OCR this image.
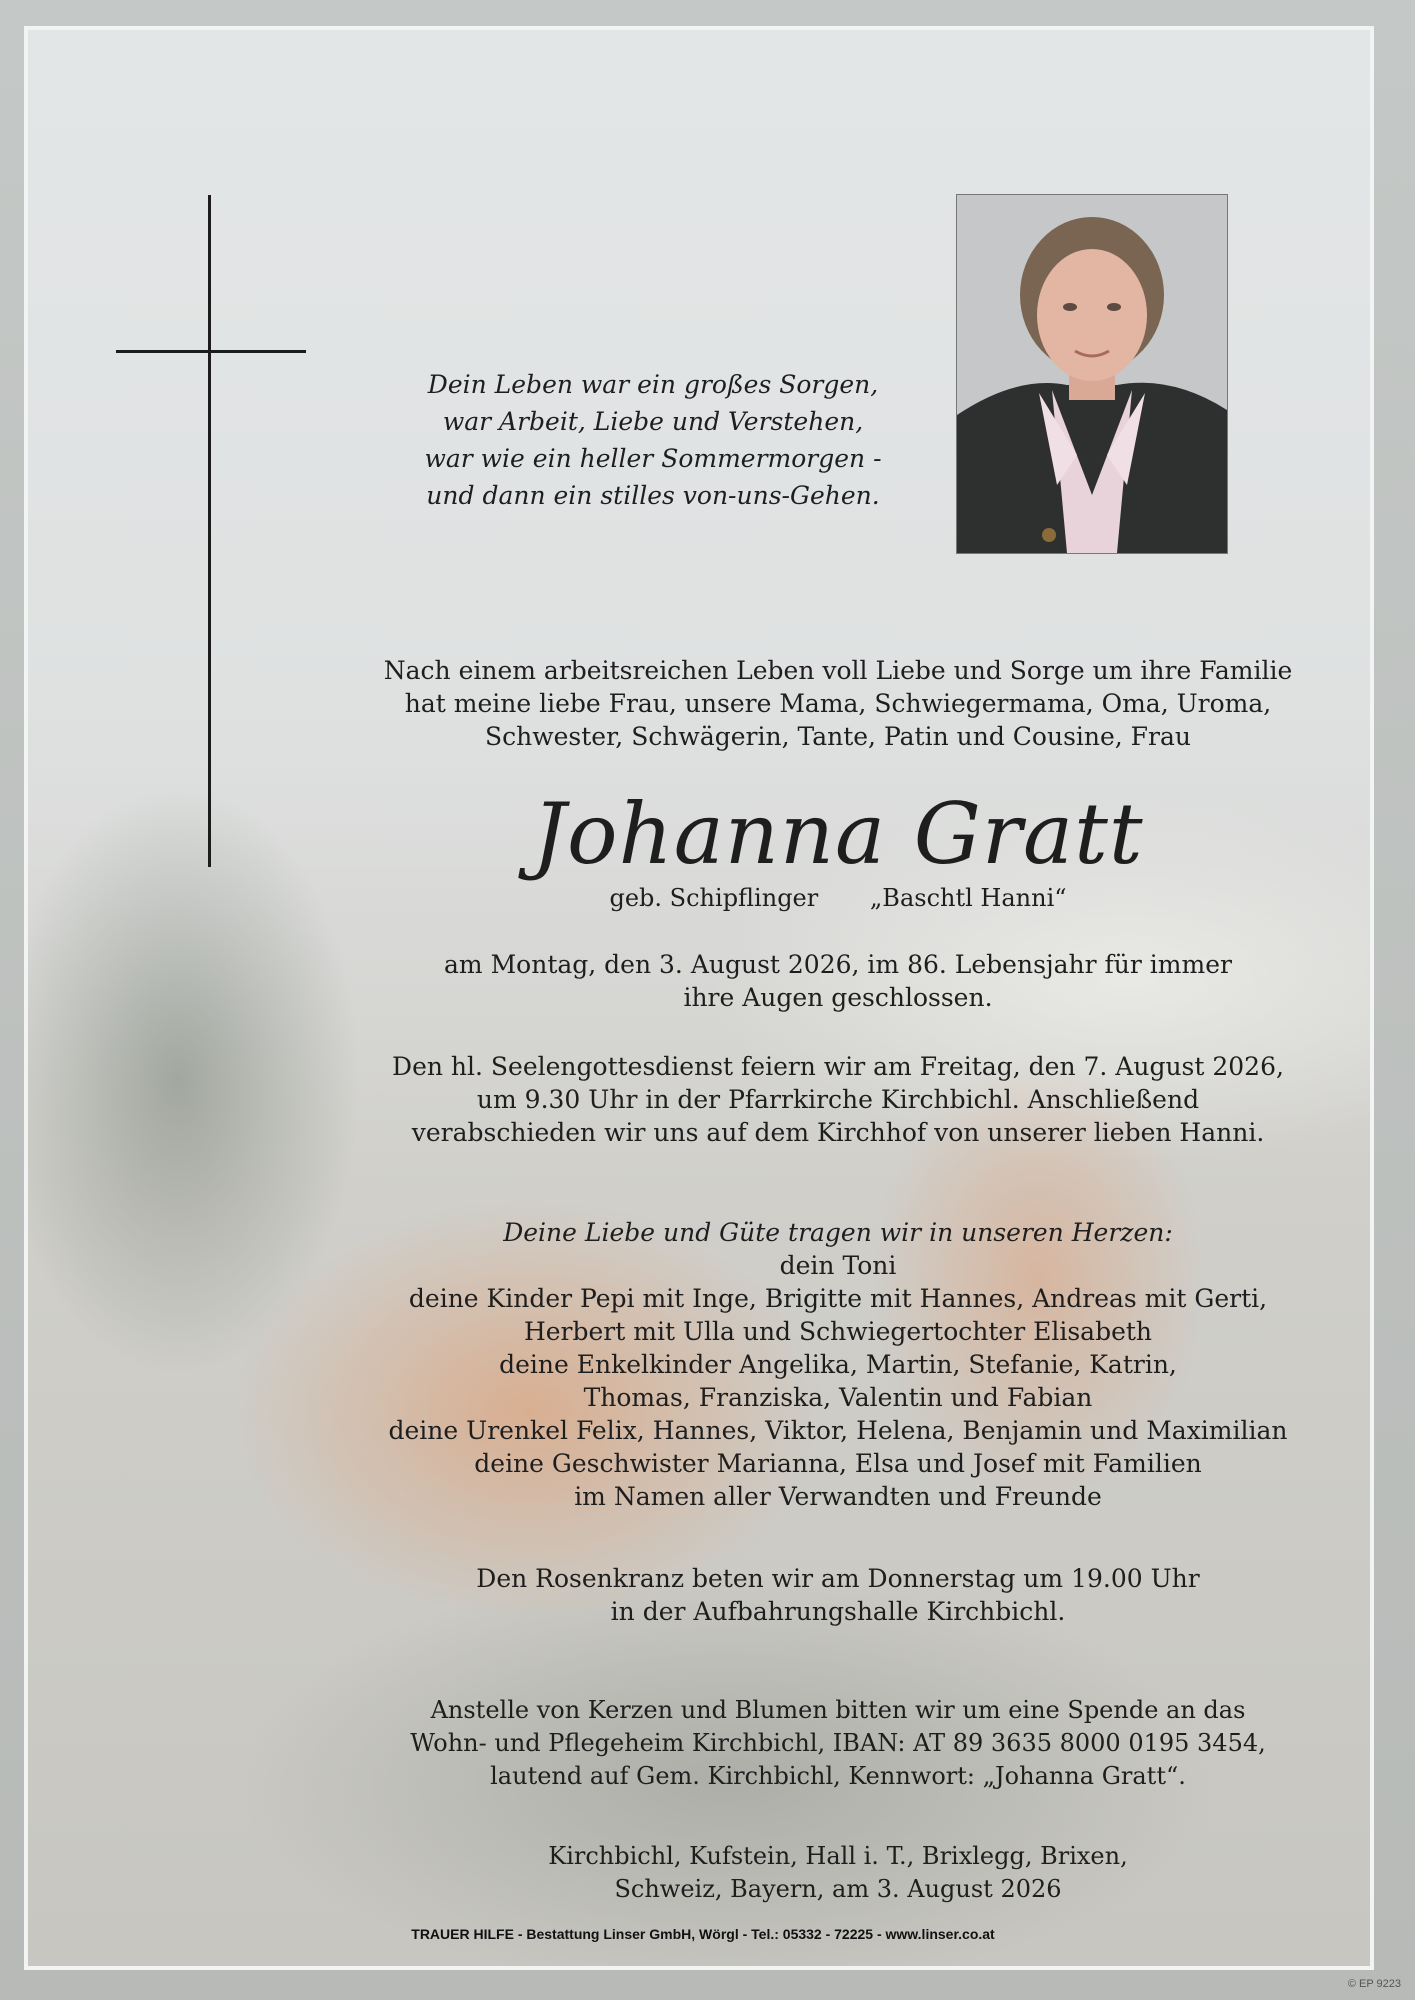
Dein Leben war ein großes Sorgen,
war Arbeit, Liebe und Verstehen,
war wie ein heller Sommermorgen -
und dann ein stilles von-uns-Gehen.
Nach einem arbeitsreichen Leben voll Liebe und Sorge um ihre Familie
hat meine liebe Frau, unsere Mama, Schwiegermama, Oma, Uroma,
Schwester, Schwägerin, Tante, Patin und Cousine, Frau
Johanna Gratt
geb. Schipflinger „Baschtl Hanni“
am Montag, den 3. August 2026, im 86. Lebensjahr für immer
ihre Augen geschlossen.
Den hl. Seelengottesdienst feiern wir am Freitag, den 7. August 2026,
um 9.30 Uhr in der Pfarrkirche Kirchbichl. Anschließend
verabschieden wir uns auf dem Kirchhof von unserer lieben Hanni.
Deine Liebe und Güte tragen wir in unseren Herzen:
dein Toni
deine Kinder Pepi mit Inge, Brigitte mit Hannes, Andreas mit Gerti,
Herbert mit Ulla und Schwiegertochter Elisabeth
deine Enkelkinder Angelika, Martin, Stefanie, Katrin,
Thomas, Franziska, Valentin und Fabian
deine Urenkel Felix, Hannes, Viktor, Helena, Benjamin und Maximilian
deine Geschwister Marianna, Elsa und Josef mit Familien
im Namen aller Verwandten und Freunde
Den Rosenkranz beten wir am Donnerstag um 19.00 Uhr
in der Aufbahrungshalle Kirchbichl.
Anstelle von Kerzen und Blumen bitten wir um eine Spende an das
Wohn- und Pflegeheim Kirchbichl, IBAN: AT 89 3635 8000 0195 3454,
lautend auf Gem. Kirchbichl, Kennwort: „Johanna Gratt“.
Kirchbichl, Kufstein, Hall i. T., Brixlegg, Brixen,
Schweiz, Bayern, am 3. August 2026
TRAUER HILFE - Bestattung Linser GmbH, Wörgl - Tel.: 05332 - 72225 - www.linser.co.at
© EP 9223
